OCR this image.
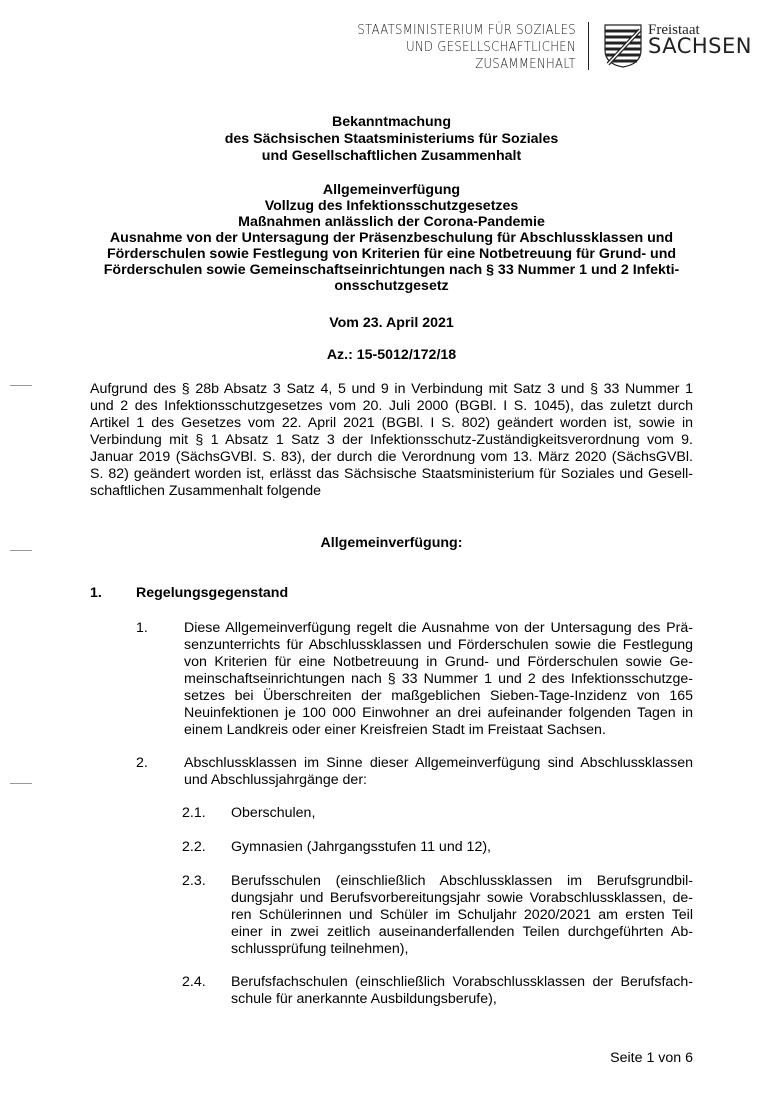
STAATSMINISTERIUM FÜR SOZIALES
UND GESELLSCHAFTLICHEN
ZUSAMMENHALT
Freistaat
SACHSEN
Bekanntmachung
des Sächsischen Staatsministeriums für Soziales
und Gesellschaftlichen Zusammenhalt
Allgemeinverfügung
Vollzug des Infektionsschutzgesetzes
Maßnahmen anlässlich der Corona-Pandemie
Ausnahme von der Untersagung der Präsenzbeschulung für Abschlussklassen und
Förderschulen sowie Festlegung von Kriterien für eine Notbetreuung für Grund- und
Förderschulen sowie Gemeinschaftseinrichtungen nach § 33 Nummer 1 und 2 Infekti-
onsschutzgesetz
Vom 23. April 2021
Az.: 15-5012/172/18
Aufgrund des § 28b Absatz 3 Satz 4, 5 und 9 in Verbindung mit Satz 3 und § 33 Nummer 1
und 2 des Infektionsschutzgesetzes vom 20. Juli 2000 (BGBl. I S. 1045), das zuletzt durch
Artikel 1 des Gesetzes vom 22. April 2021 (BGBl. I S. 802) geändert worden ist, sowie in
Verbindung mit § 1 Absatz 1 Satz 3 der Infektionsschutz-Zuständigkeitsverordnung vom 9.
Januar 2019 (SächsGVBl. S. 83), der durch die Verordnung vom 13. März 2020 (SächsGVBl.
S. 82) geändert worden ist, erlässt das Sächsische Staatsministerium für Soziales und Gesell-
schaftlichen Zusammenhalt folgende
Allgemeinverfügung:
1. Regelungsgegenstand
1.	Diese Allgemeinverfügung regelt die Ausnahme von der Untersagung des Prä-
senzunterrichts für Abschlussklassen und Förderschulen sowie die Festlegung
von Kriterien für eine Notbetreuung in Grund- und Förderschulen sowie Ge-
meinschaftseinrichtungen nach § 33 Nummer 1 und 2 des Infektionsschutzge-
setzes bei Überschreiten der maßgeblichen Sieben-Tage-Inzidenz von 165
Neuinfektionen je 100 000 Einwohner an drei aufeinander folgenden Tagen in
einem Landkreis oder einer Kreisfreien Stadt im Freistaat Sachsen.
2.	Abschlussklassen im Sinne dieser Allgemeinverfügung sind Abschlussklassen
und Abschlussjahrgänge der:
2.1. Oberschulen,
2.2. Gymnasien (Jahrgangsstufen 11 und 12),
2.3. Berufsschulen (einschließlich Abschlussklassen im Berufsgrundbil-
dungsjahr und Berufsvorbereitungsjahr sowie Vorabschlussklassen, de-
ren Schülerinnen und Schüler im Schuljahr 2020/2021 am ersten Teil
einer in zwei zeitlich auseinanderfallenden Teilen durchgeführten Ab-
schlussprüfung teilnehmen),
2.4. Berufsfachschulen (einschließlich Vorabschlussklassen der Berufsfach-
schule für anerkannte Ausbildungsberufe),
Seite 1 von 6
